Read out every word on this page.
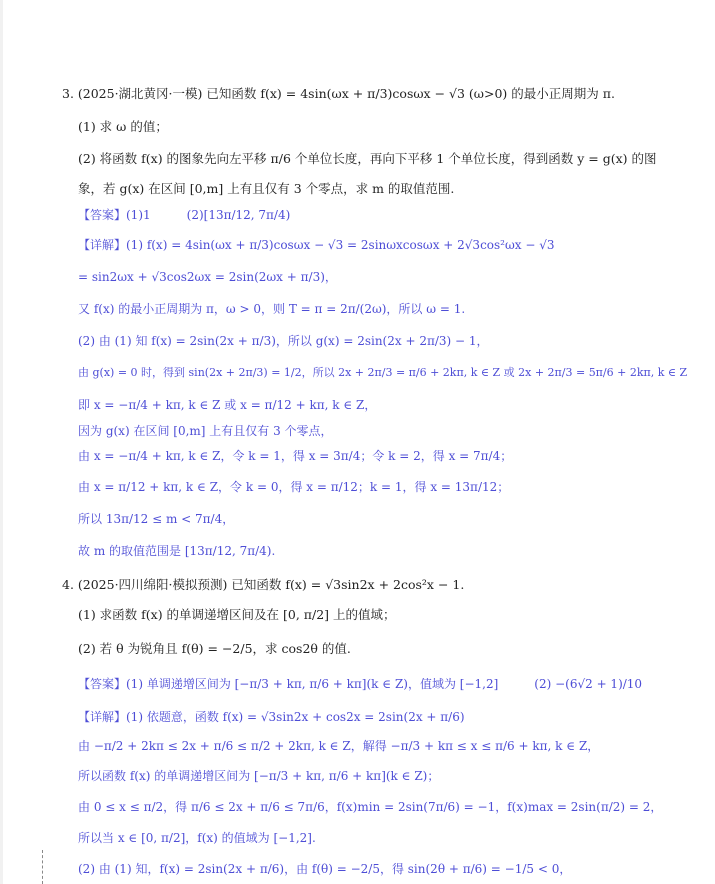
3. (2025·湖北黄冈·一模) 已知函数 f(x) = 4sin(ωx + π/3)cosωx − √3 (ω>0) 的最小正周期为 π.
(1) 求 ω 的值；
(2) 将函数 f(x) 的图象先向左平移 π/6 个单位长度，再向下平移 1 个单位长度，得到函数 y = g(x) 的图
象，若 g(x) 在区间 [0,m] 上有且仅有 3 个零点，求 m 的取值范围.
【答案】(1)1　　　(2)[13π/12, 7π/4)
【详解】(1) f(x) = 4sin(ωx + π/3)cosωx − √3 = 2sinωxcosωx + 2√3cos²ωx − √3
= sin2ωx + √3cos2ωx = 2sin(2ωx + π/3)，
又 f(x) 的最小正周期为 π，ω > 0，则 T = π = 2π/(2ω)，所以 ω = 1.
(2) 由 (1) 知 f(x) = 2sin(2x + π/3)，所以 g(x) = 2sin(2x + 2π/3) − 1，
由 g(x) = 0 时，得到 sin(2x + 2π/3) = 1/2，所以 2x + 2π/3 = π/6 + 2kπ, k ∈ Z 或 2x + 2π/3 = 5π/6 + 2kπ, k ∈ Z
即 x = −π/4 + kπ, k ∈ Z 或 x = π/12 + kπ, k ∈ Z，
因为 g(x) 在区间 [0,m] 上有且仅有 3 个零点，
由 x = −π/4 + kπ, k ∈ Z，令 k = 1，得 x = 3π/4；令 k = 2，得 x = 7π/4；
由 x = π/12 + kπ, k ∈ Z，令 k = 0，得 x = π/12；k = 1，得 x = 13π/12；
所以 13π/12 ≤ m < 7π/4，
故 m 的取值范围是 [13π/12, 7π/4).
4. (2025·四川绵阳·模拟预测) 已知函数 f(x) = √3sin2x + 2cos²x − 1.
(1) 求函数 f(x) 的单调递增区间及在 [0, π/2] 上的值域；
(2) 若 θ 为锐角且 f(θ) = −2/5，求 cos2θ 的值.
【答案】(1) 单调递增区间为 [−π/3 + kπ, π/6 + kπ](k ∈ Z)，值域为 [−1,2]　　　(2) −(6√2 + 1)/10
【详解】(1) 依题意，函数 f(x) = √3sin2x + cos2x = 2sin(2x + π/6)
由 −π/2 + 2kπ ≤ 2x + π/6 ≤ π/2 + 2kπ, k ∈ Z，解得 −π/3 + kπ ≤ x ≤ π/6 + kπ, k ∈ Z，
所以函数 f(x) 的单调递增区间为 [−π/3 + kπ, π/6 + kπ](k ∈ Z)；
由 0 ≤ x ≤ π/2，得 π/6 ≤ 2x + π/6 ≤ 7π/6，f(x)min = 2sin(7π/6) = −1，f(x)max = 2sin(π/2) = 2，
所以当 x ∈ [0, π/2]，f(x) 的值域为 [−1,2].
(2) 由 (1) 知，f(x) = 2sin(2x + π/6)，由 f(θ) = −2/5，得 sin(2θ + π/6) = −1/5 < 0，
